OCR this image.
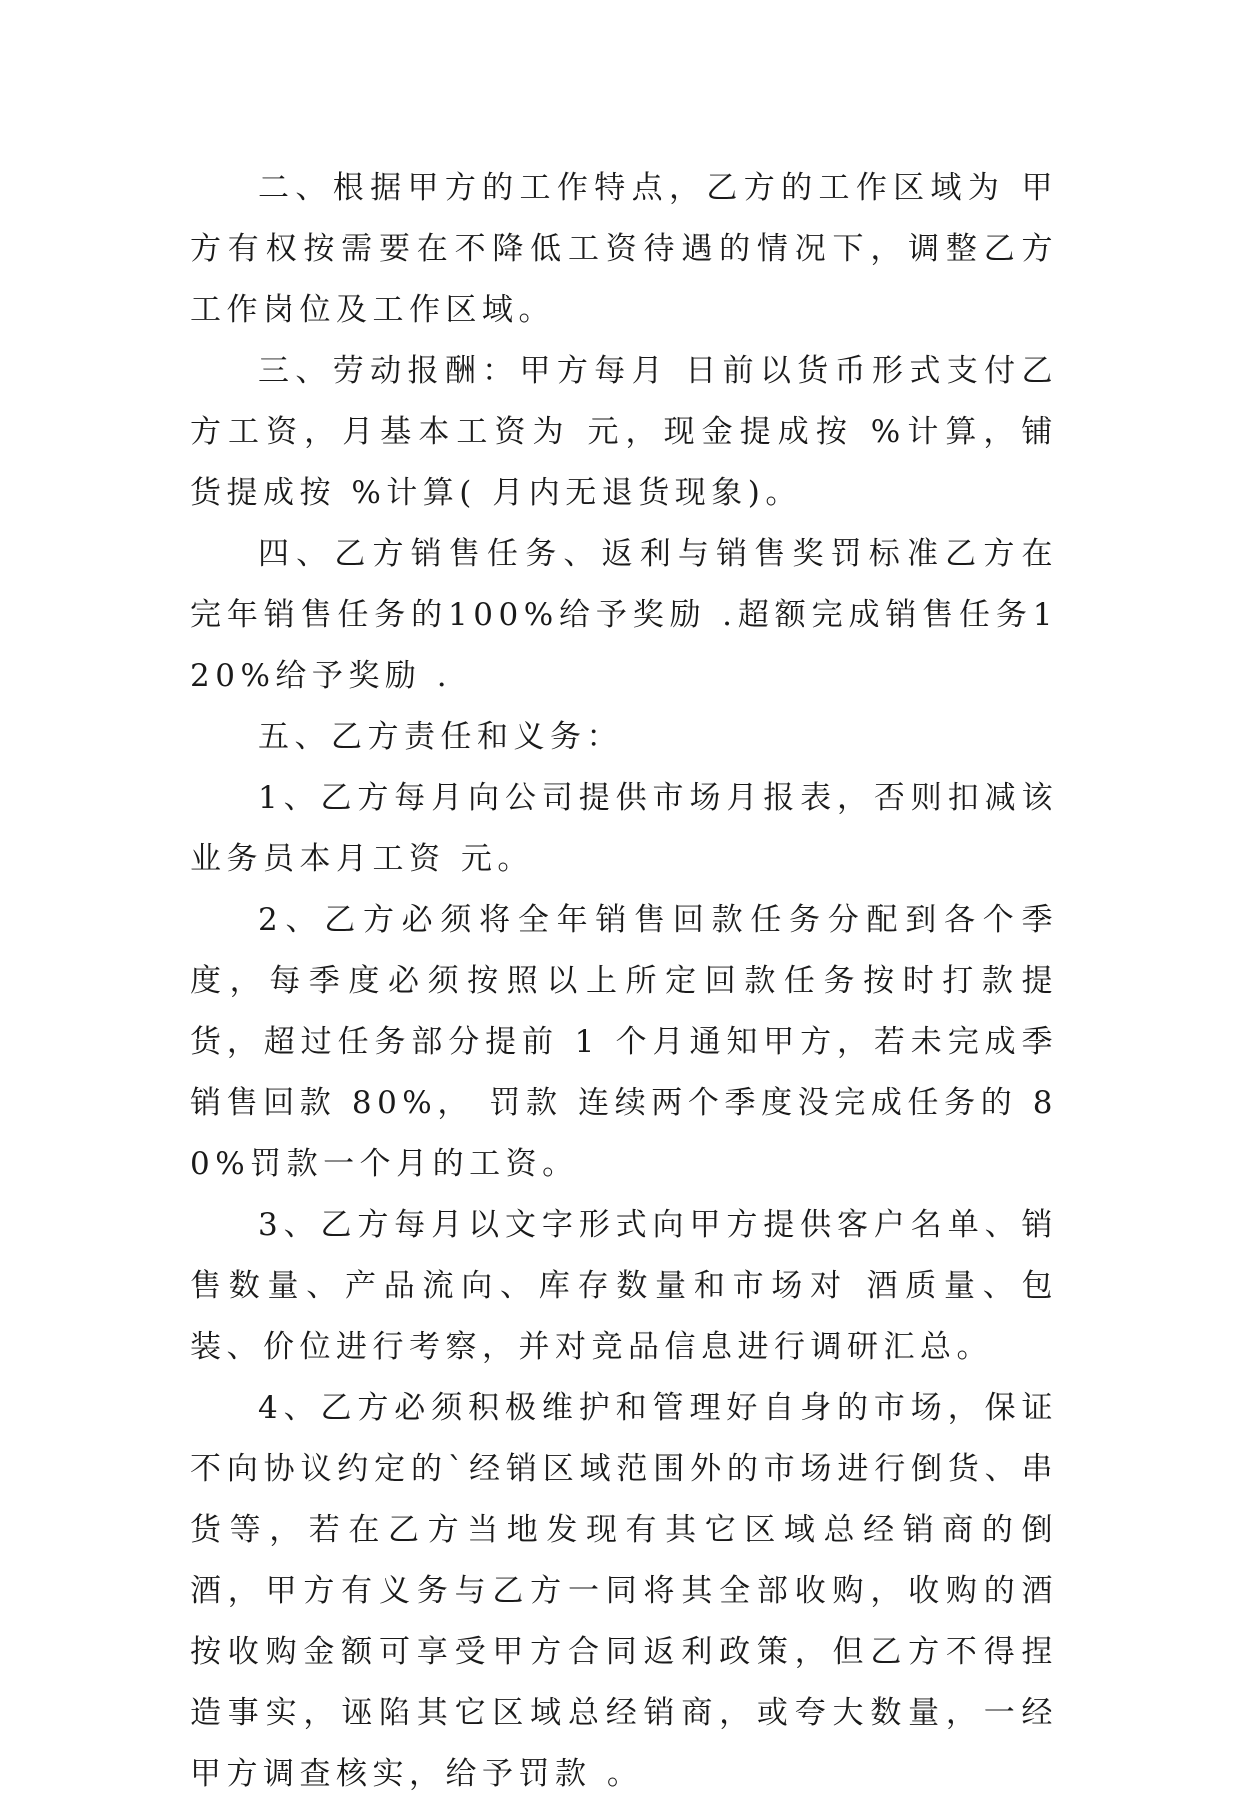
二、根据甲方的工作特点，乙方的工作区域为 甲方有权按需要在不降低工资待遇的情况下，调整乙方工作岗位及工作区域。

三、劳动报酬：甲方每月 日前以货币形式支付乙方工资，月基本工资为 元，现金提成按 %计算，铺货提成按 %计算( 月内无退货现象)。

四、乙方销售任务、返利与销售奖罚标准乙方在完年销售任务的100%给予奖励 .超额完成销售任务120%给予奖励 .

五、乙方责任和义务：

1、乙方每月向公司提供市场月报表，否则扣减该业务员本月工资 元。

2、乙方必须将全年销售回款任务分配到各个季度，每季度必须按照以上所定回款任务按时打款提货，超过任务部分提前 1 个月通知甲方，若未完成季销售回款 80%， 罚款 连续两个季度没完成任务的 80%罚款一个月的工资。

3、乙方每月以文字形式向甲方提供客户名单、销售数量、产品流向、库存数量和市场对 酒质量、包装、价位进行考察，并对竞品信息进行调研汇总。

4、乙方必须积极维护和管理好自身的市场，保证不向协议约定的`经销区域范围外的市场进行倒货、串货等，若在乙方当地发现有其它区域总经销商的倒酒，甲方有义务与乙方一同将其全部收购，收购的酒按收购金额可享受甲方合同返利政策，但乙方不得捏造事实，诬陷其它区域总经销商，或夸大数量，一经甲方调查核实，给予罚款 。
